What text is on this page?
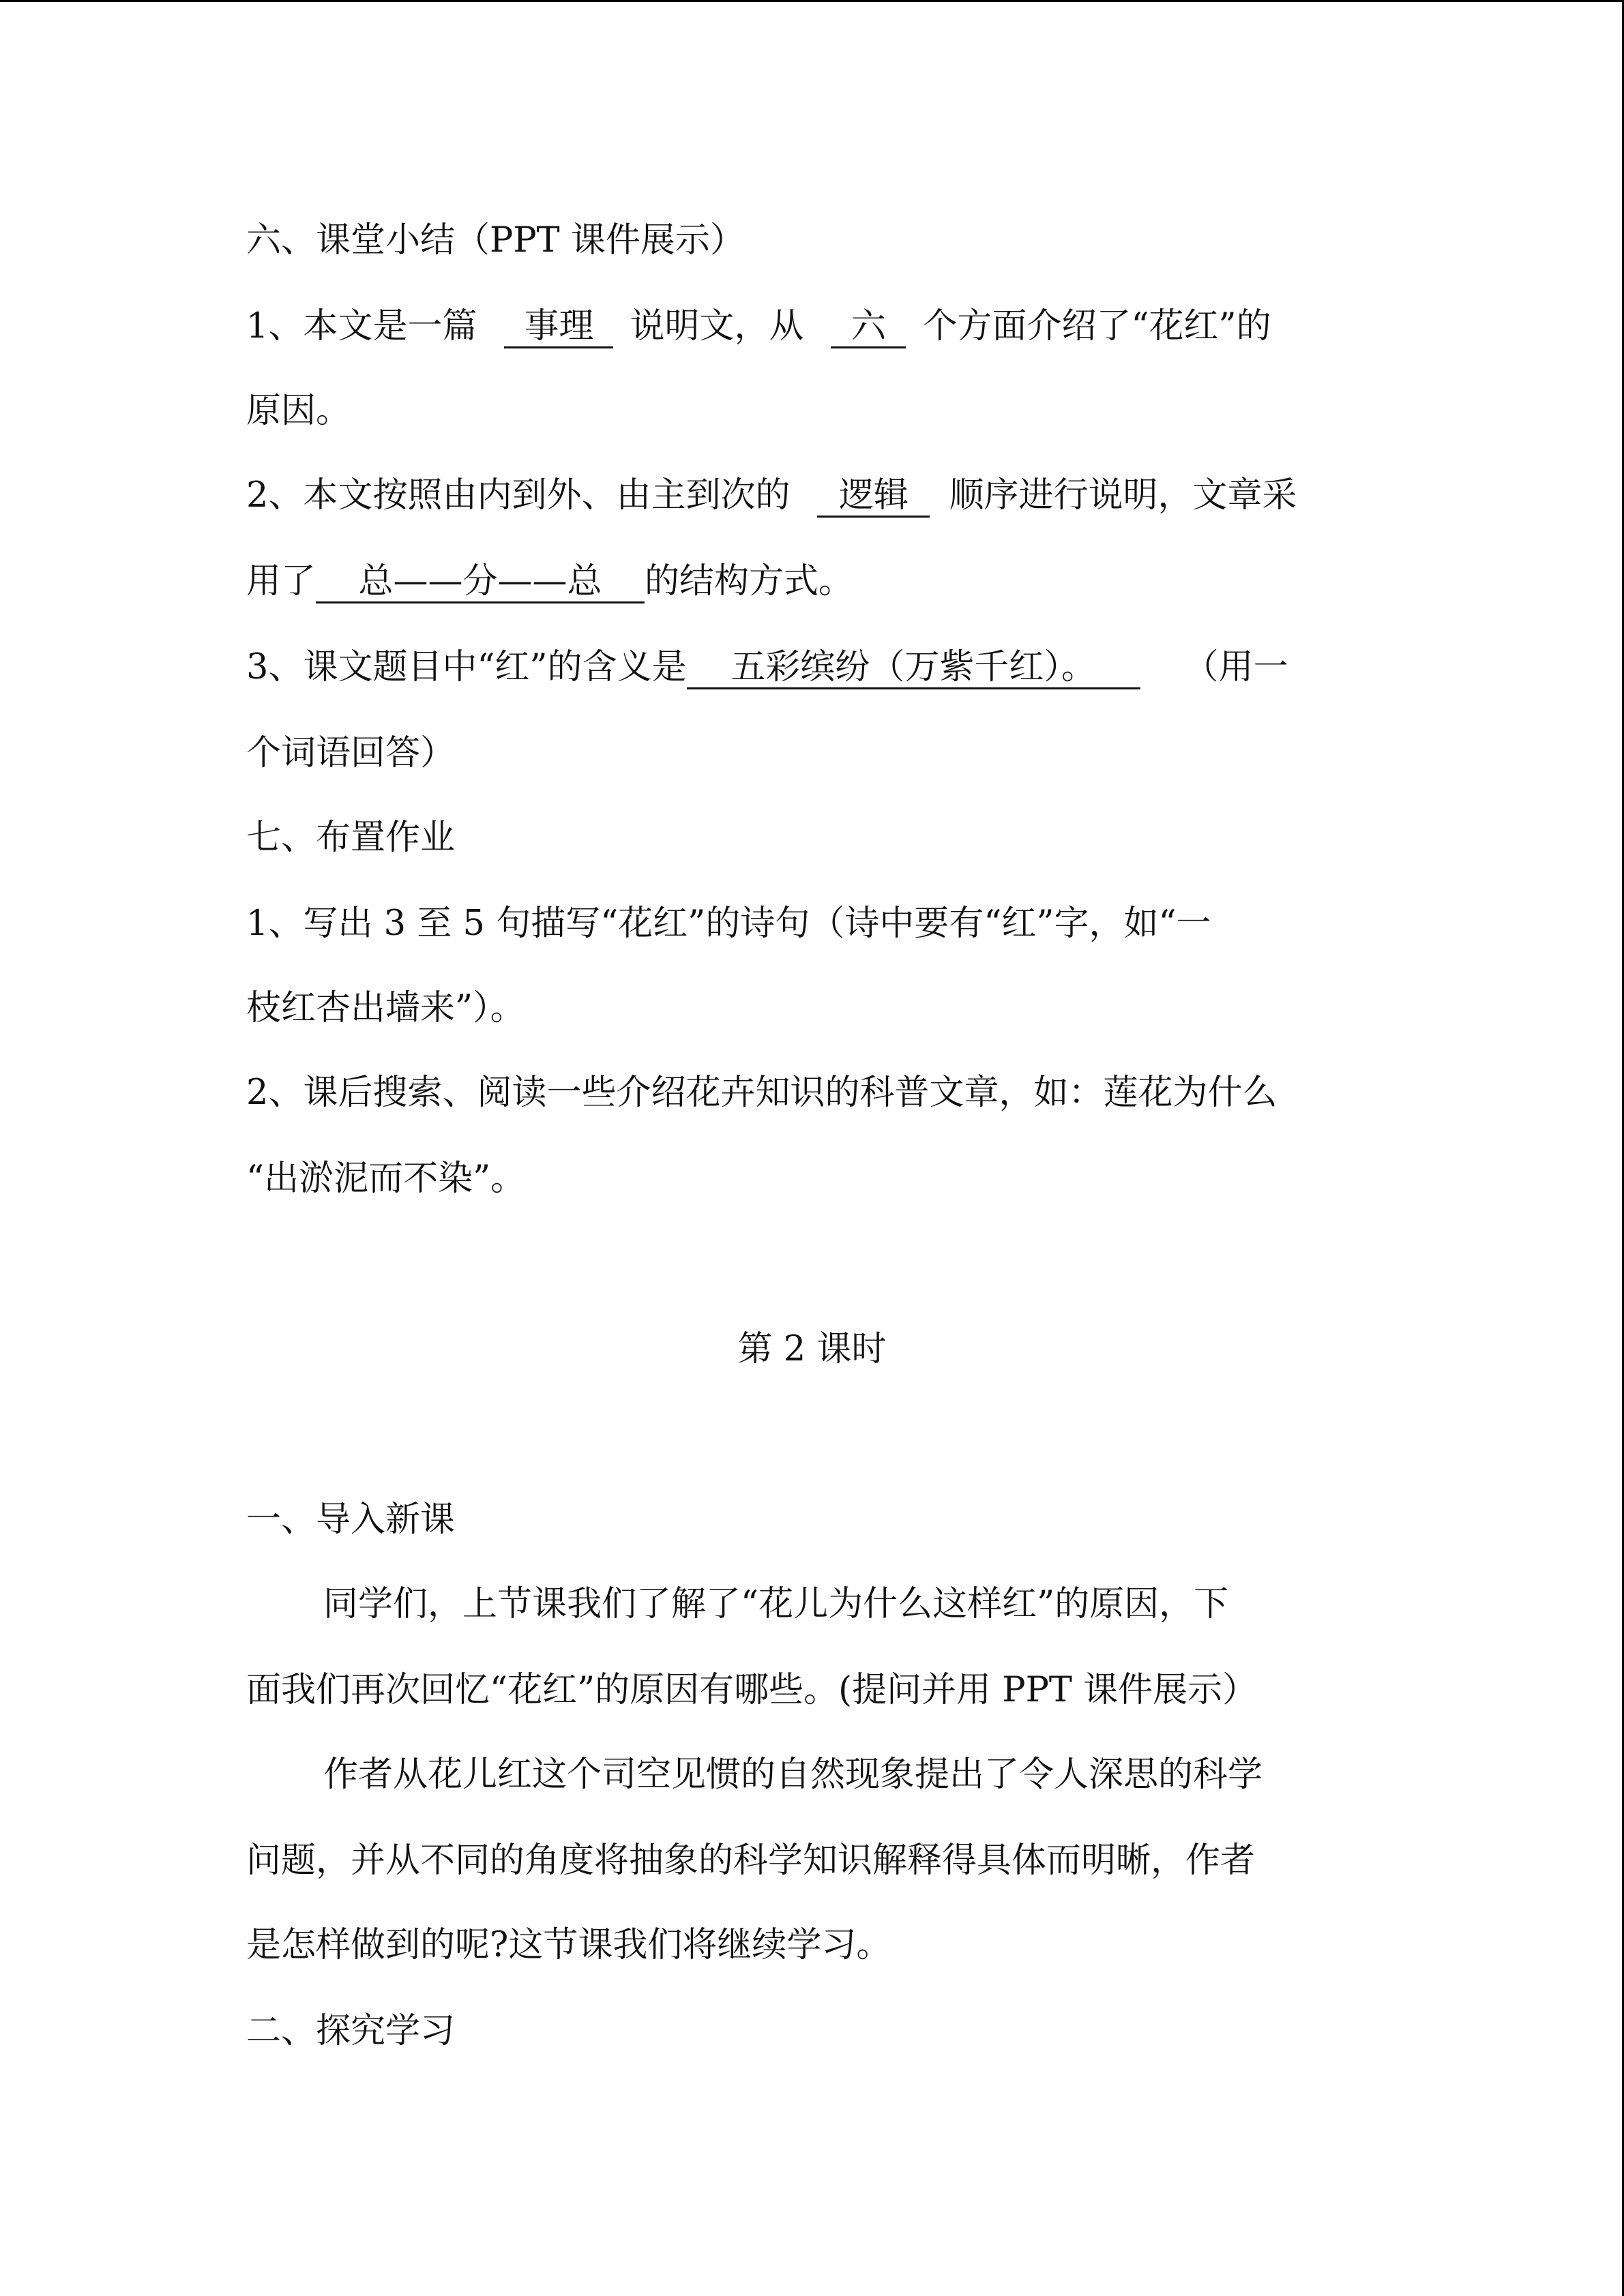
六、课堂小结（PPT 课件展示）
1、本文是一篇 事理 说明文，从 六 个方面介绍了“花红”的
原因。
2、本文按照由内到外、由主到次的 逻辑 顺序进行说明，文章采
用了 总——分——总 的结构方式。
3、课文题目中“红”的含义是 五彩缤纷（万紫千红）。	（用一
个词语回答）
七、布置作业
1、写出 3 至 5 句描写“花红”的诗句（诗中要有“红”字，如“一
枝红杏出墙来”）。
2、课后搜索、阅读一些介绍花卉知识的科普文章，如：莲花为什么
“出淤泥而不染”。
第 2 课时
一、导入新课
同学们，上节课我们了解了“花儿为什么这样红”的原因，下
面我们再次回忆“花红”的原因有哪些。(提问并用 PPT 课件展示）
作者从花儿红这个司空见惯的自然现象提出了令人深思的科学
问题，并从不同的角度将抽象的科学知识解释得具体而明晰，作者
是怎样做到的呢?这节课我们将继续学习。
二、探究学习
